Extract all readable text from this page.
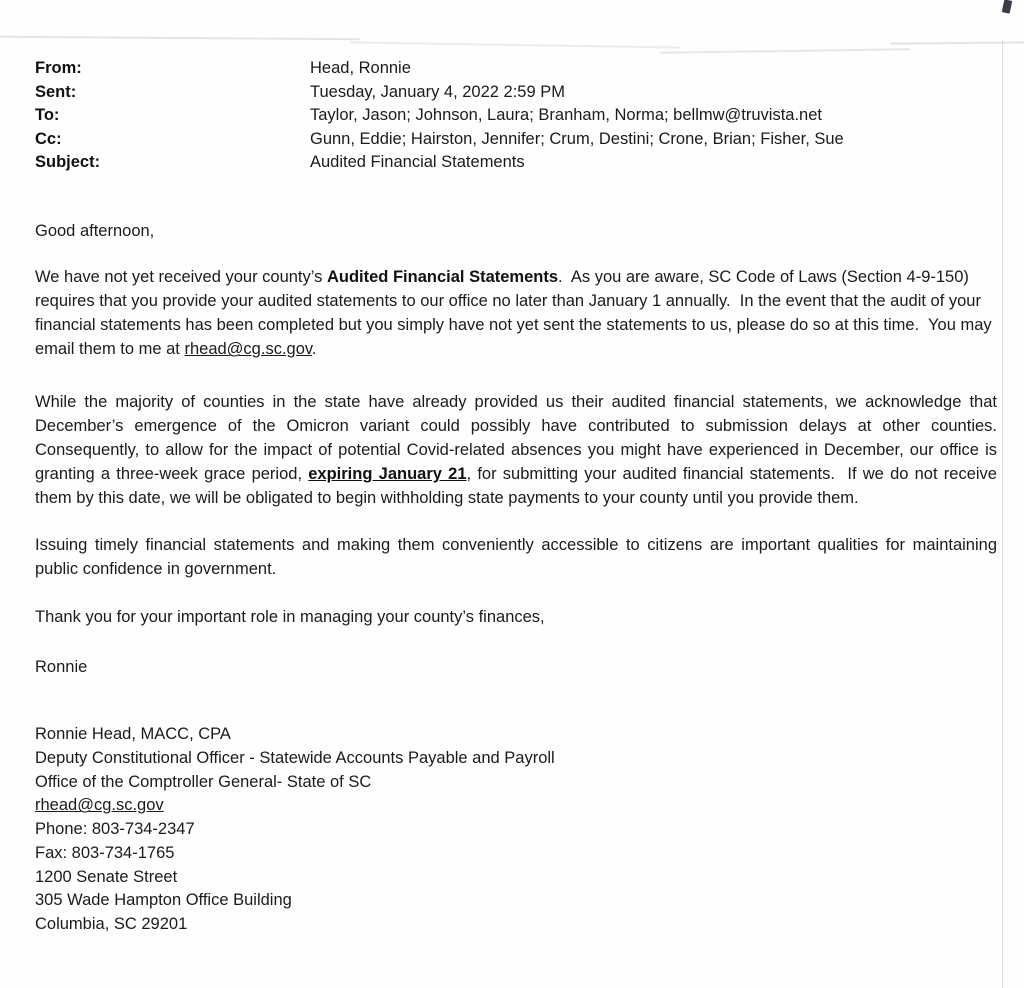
From:	Head, Ronnie
Sent:	Tuesday, January 4, 2022 2:59 PM
To:	Taylor, Jason; Johnson, Laura; Branham, Norma; bellmw@truvista.net
Cc:	Gunn, Eddie; Hairston, Jennifer; Crum, Destini; Crone, Brian; Fisher, Sue
Subject:	Audited Financial Statements

Good afternoon,

We have not yet received your county’s Audited Financial Statements.  As you are aware, SC Code of Laws (Section 4-9-150) requires that you provide your audited statements to our office no later than January 1 annually.  In the event that the audit of your financial statements has been completed but you simply have not yet sent the statements to us, please do so at this time.  You may email them to me at rhead@cg.sc.gov.

While the majority of counties in the state have already provided us their audited financial statements, we acknowledge that December’s emergence of the Omicron variant could possibly have contributed to submission delays at other counties.  Consequently, to allow for the impact of potential Covid-related absences you might have experienced in December, our office is granting a three-week grace period, expiring January 21, for submitting your audited financial statements.  If we do not receive them by this date, we will be obligated to begin withholding state payments to your county until you provide them.

Issuing timely financial statements and making them conveniently accessible to citizens are important qualities for maintaining public confidence in government.

Thank you for your important role in managing your county’s finances,

Ronnie

Ronnie Head, MACC, CPA
Deputy Constitutional Officer - Statewide Accounts Payable and Payroll
Office of the Comptroller General- State of SC
rhead@cg.sc.gov
Phone: 803-734-2347
Fax: 803-734-1765
1200 Senate Street
305 Wade Hampton Office Building
Columbia, SC 29201
